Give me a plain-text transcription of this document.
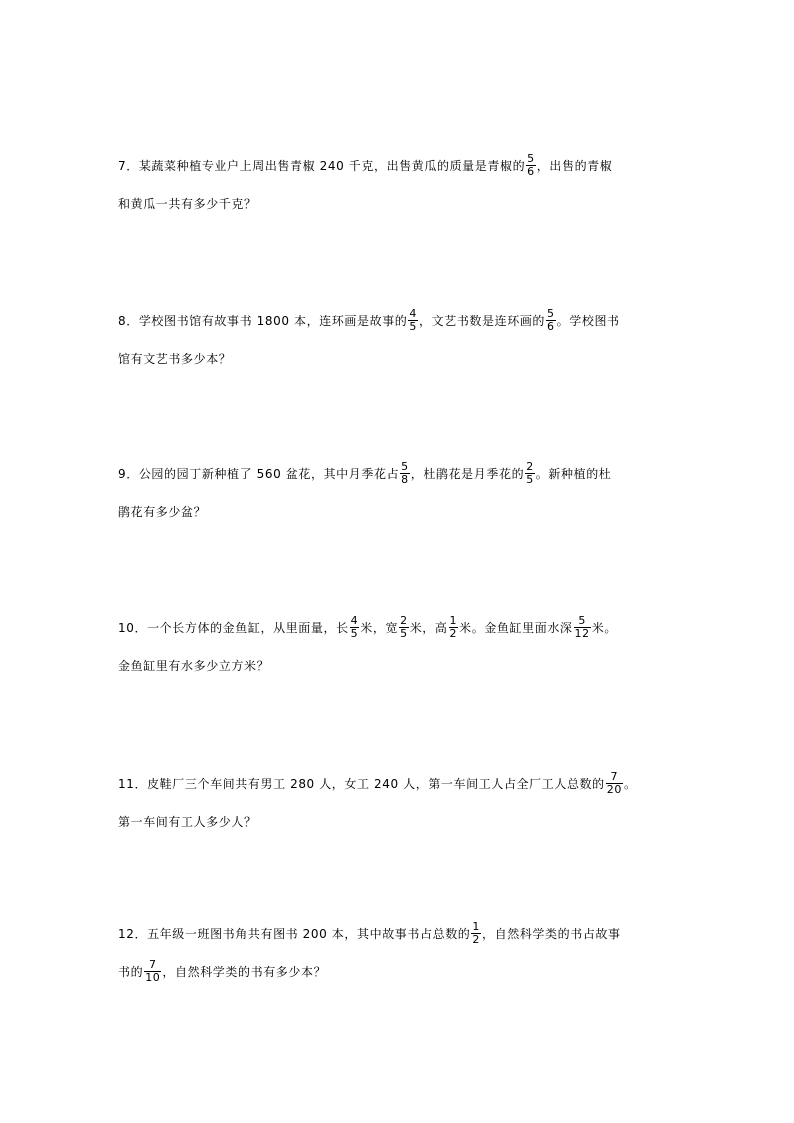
7．某蔬菜种植专业户上周出售青椒 240 千克，出售黄瓜的质量是青椒的 $\frac{5}{6}$ ，出售的青椒
和黄瓜一共有多少千克？
8．学校图书馆有故事书 1800 本，连环画是故事的 $\frac{4}{5}$ ，文艺书数是连环画的 $\frac{5}{6}$ 。学校图书
馆有文艺书多少本？
9．公园的园丁新种植了 560 盆花，其中月季花占 $\frac{5}{8}$ ，杜鹃花是月季花的 $\frac{2}{5}$ 。新种植的杜
鹃花有多少盆？
10．一个长方体的金鱼缸，从里面量，长 $\frac{4}{5}$ 米，宽 $\frac{2}{5}$ 米，高 $\frac{1}{2}$ 米。金鱼缸里面水深 $\frac{5}{12}$ 米。
金鱼缸里有水多少立方米？
11．皮鞋厂三个车间共有男工 280 人，女工 240 人，第一车间工人占全厂工人总数的 $\frac{7}{20}$ 。
第一车间有工人多少人？
12．五年级一班图书角共有图书 200 本，其中故事书占总数的 $\frac{1}{2}$ ，自然科学类的书占故事
书的 $\frac{7}{10}$ ，自然科学类的书有多少本？
